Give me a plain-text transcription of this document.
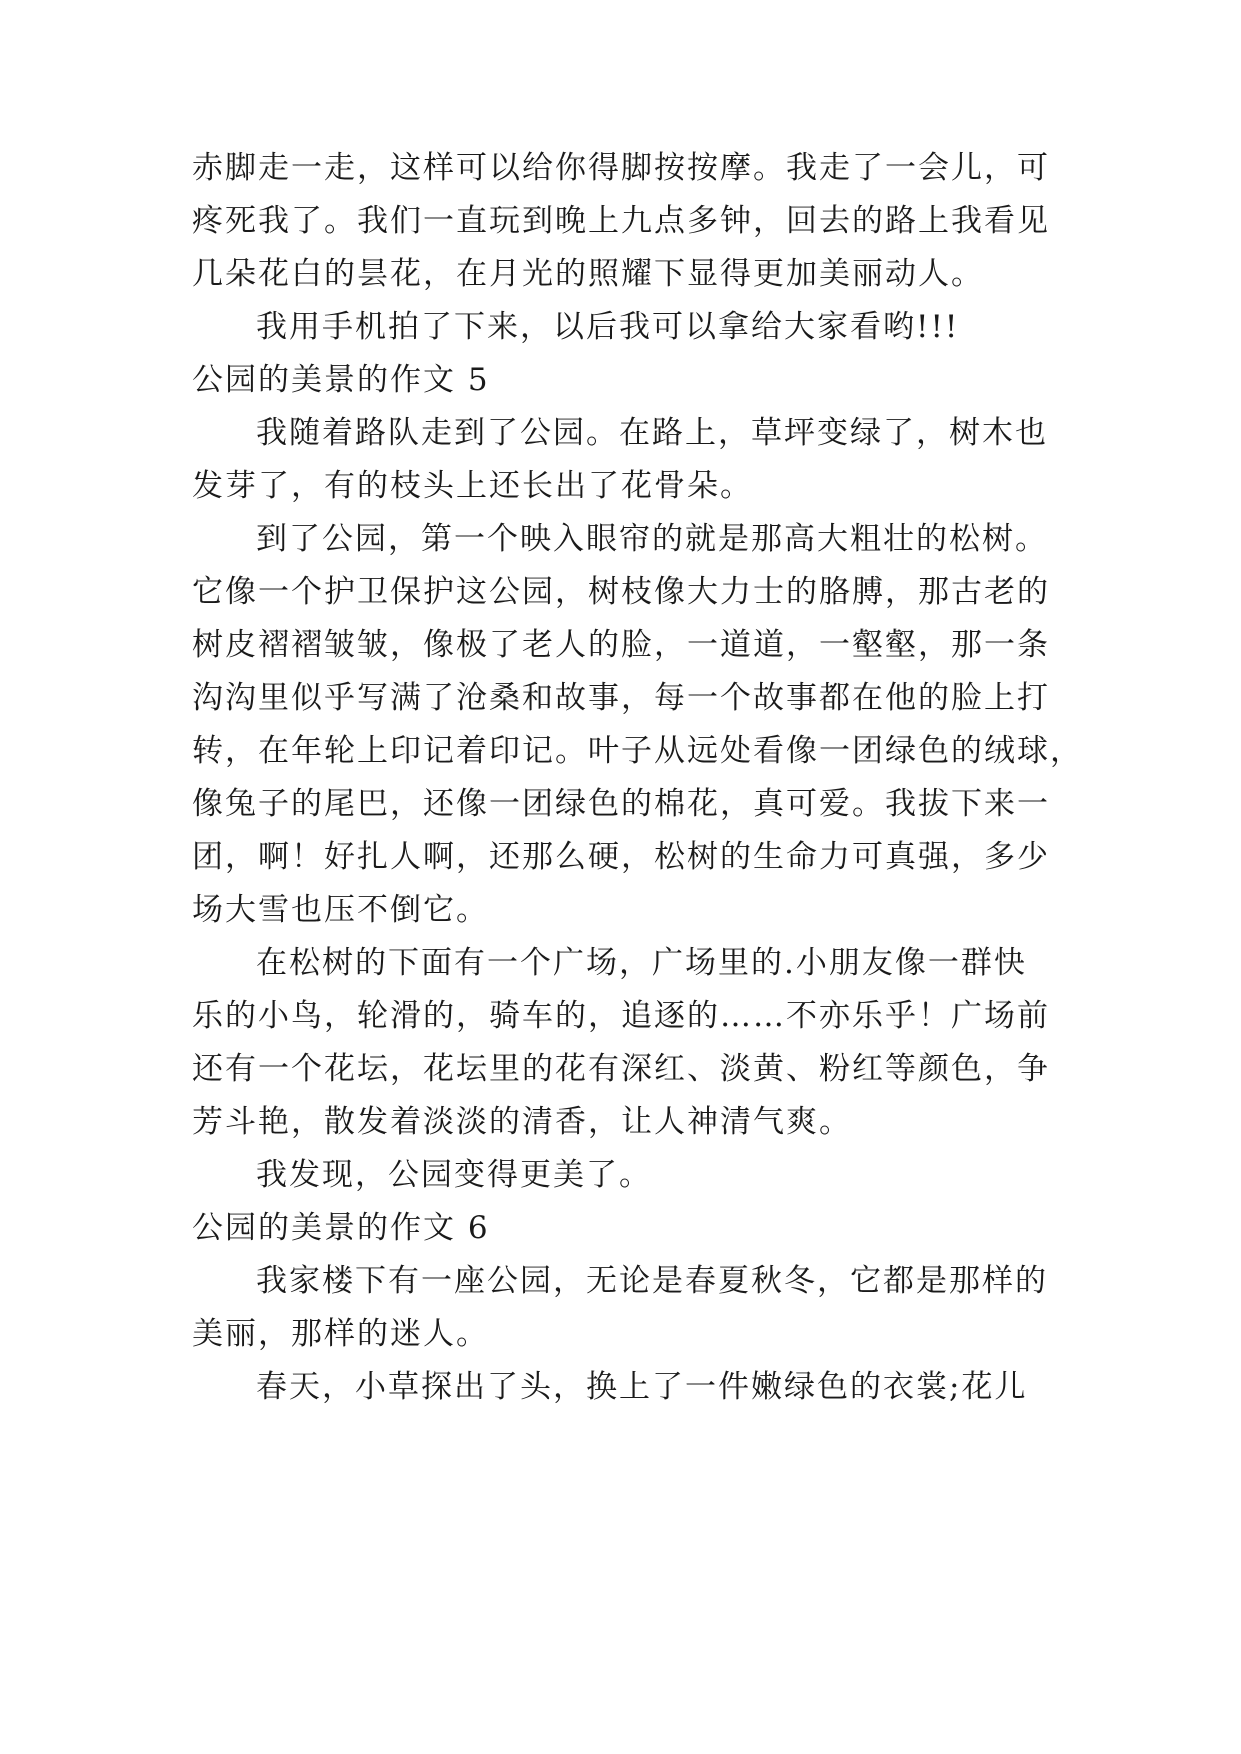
赤脚走一走，这样可以给你得脚按按摩。我走了一会儿，可
疼死我了。我们一直玩到晚上九点多钟，回去的路上我看见
几朵花白的昙花，在月光的照耀下显得更加美丽动人。
我用手机拍了下来，以后我可以拿给大家看哟!!!
公园的美景的作文 5
我随着路队走到了公园。在路上，草坪变绿了，树木也
发芽了，有的枝头上还长出了花骨朵。
到了公园，第一个映入眼帘的就是那高大粗壮的松树。
它像一个护卫保护这公园，树枝像大力士的胳膊，那古老的
树皮褶褶皱皱，像极了老人的脸，一道道，一壑壑，那一条
沟沟里似乎写满了沧桑和故事，每一个故事都在他的脸上打
转，在年轮上印记着印记。叶子从远处看像一团绿色的绒球，
像兔子的尾巴，还像一团绿色的棉花，真可爱。我拔下来一
团，啊！好扎人啊，还那么硬，松树的生命力可真强，多少
场大雪也压不倒它。
在松树的下面有一个广场，广场里的.小朋友像一群快
乐的小鸟，轮滑的，骑车的，追逐的……不亦乐乎！广场前
还有一个花坛，花坛里的花有深红、淡黄、粉红等颜色，争
芳斗艳，散发着淡淡的清香，让人神清气爽。
我发现，公园变得更美了。
公园的美景的作文 6
我家楼下有一座公园，无论是春夏秋冬，它都是那样的
美丽，那样的迷人。
春天，小草探出了头，换上了一件嫩绿色的衣裳;花儿
